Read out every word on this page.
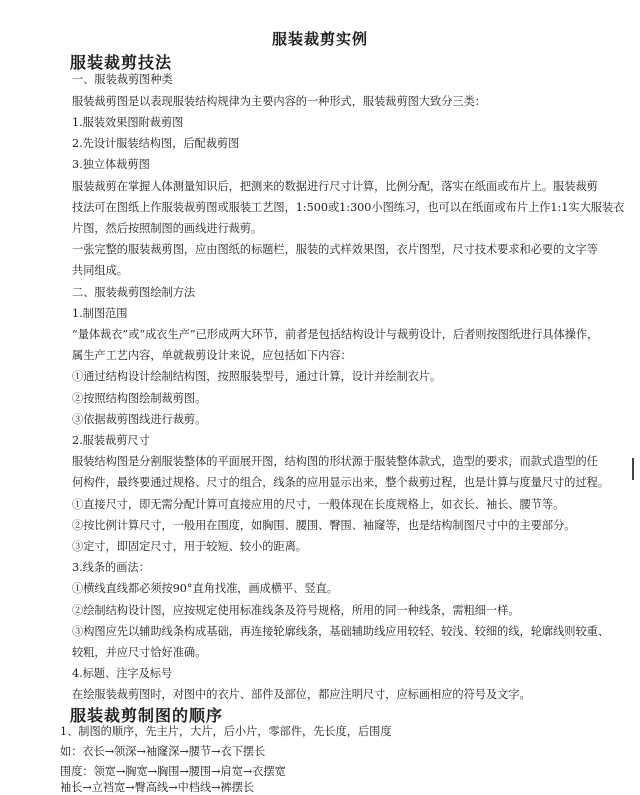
服装裁剪实例
服装裁剪技法
一、服装裁剪图种类
服装裁剪图是以表现服装结构规律为主要内容的一种形式，服装裁剪图大致分三类：
1.服装效果图附裁剪图
2.先设计服装结构图，后配裁剪图
3.独立体裁剪图
服装裁剪在掌握人体测量知识后，把测来的数据进行尺寸计算，比例分配，落实在纸面或布片上。服装裁剪
技法可在图纸上作服装裁剪图或服装工艺图，1:500或1:300小图练习，也可以在纸面或布片上作1:1实大服装衣
片图，然后按照制图的画线进行裁剪。
一张完整的服装裁剪图，应由图纸的标题栏，服装的式样效果图，衣片图型，尺寸技术要求和必要的文字等
共同组成。
二、服装裁剪图绘制方法
1.制图范围
“量体裁衣”或“成衣生产”已形成两大环节，前者是包括结构设计与裁剪设计，后者则按图纸进行具体操作，
属生产工艺内容，单就裁剪设计来说，应包括如下内容：
①通过结构设计绘制结构图，按照服装型号，通过计算，设计并绘制衣片。
②按照结构图绘制裁剪图。
③依据裁剪图线进行裁剪。
2.服装裁剪尺寸
服装结构图是分割服装整体的平面展开图，结构图的形状源于服装整体款式，造型的要求，而款式造型的任
何构件，最终要通过规格、尺寸的组合，线条的应用显示出来，整个裁剪过程，也是计算与度量尺寸的过程。
①直接尺寸，即无需分配计算可直接应用的尺寸，一般体现在长度规格上，如衣长、袖长、腰节等。
②按比例计算尺寸，一般用在围度，如胸围、腰围、臀围、袖窿等，也是结构制图尺寸中的主要部分。
③定寸，即固定尺寸，用于较短、较小的距离。
3.线条的画法：
①横线直线都必须按90°直角找准，画成横平、竖直。
②绘制结构设计图，应按规定使用标准线条及符号规格，所用的同一种线条，需粗细一样。
③构图应先以辅助线条构成基础，再连接轮廓线条，基础辅助线应用较轻、较浅、较细的线，轮廓线则较重、
较粗，并应尺寸恰好准确。
4.标题、注字及标号
在绘服装裁剪图时，对图中的衣片、部件及部位，都应注明尺寸，应标画相应的符号及文字。
服装裁剪制图的顺序
1、制图的顺序，先主片，大片，后小片，零部件，先长度，后围度
如：衣长→领深→袖窿深→腰节→衣下摆长
围度：领宽→胸宽→胸围→腰围→肩宽→衣摆宽
袖长→立裆宽→臀高线→中档线→裤摆长
